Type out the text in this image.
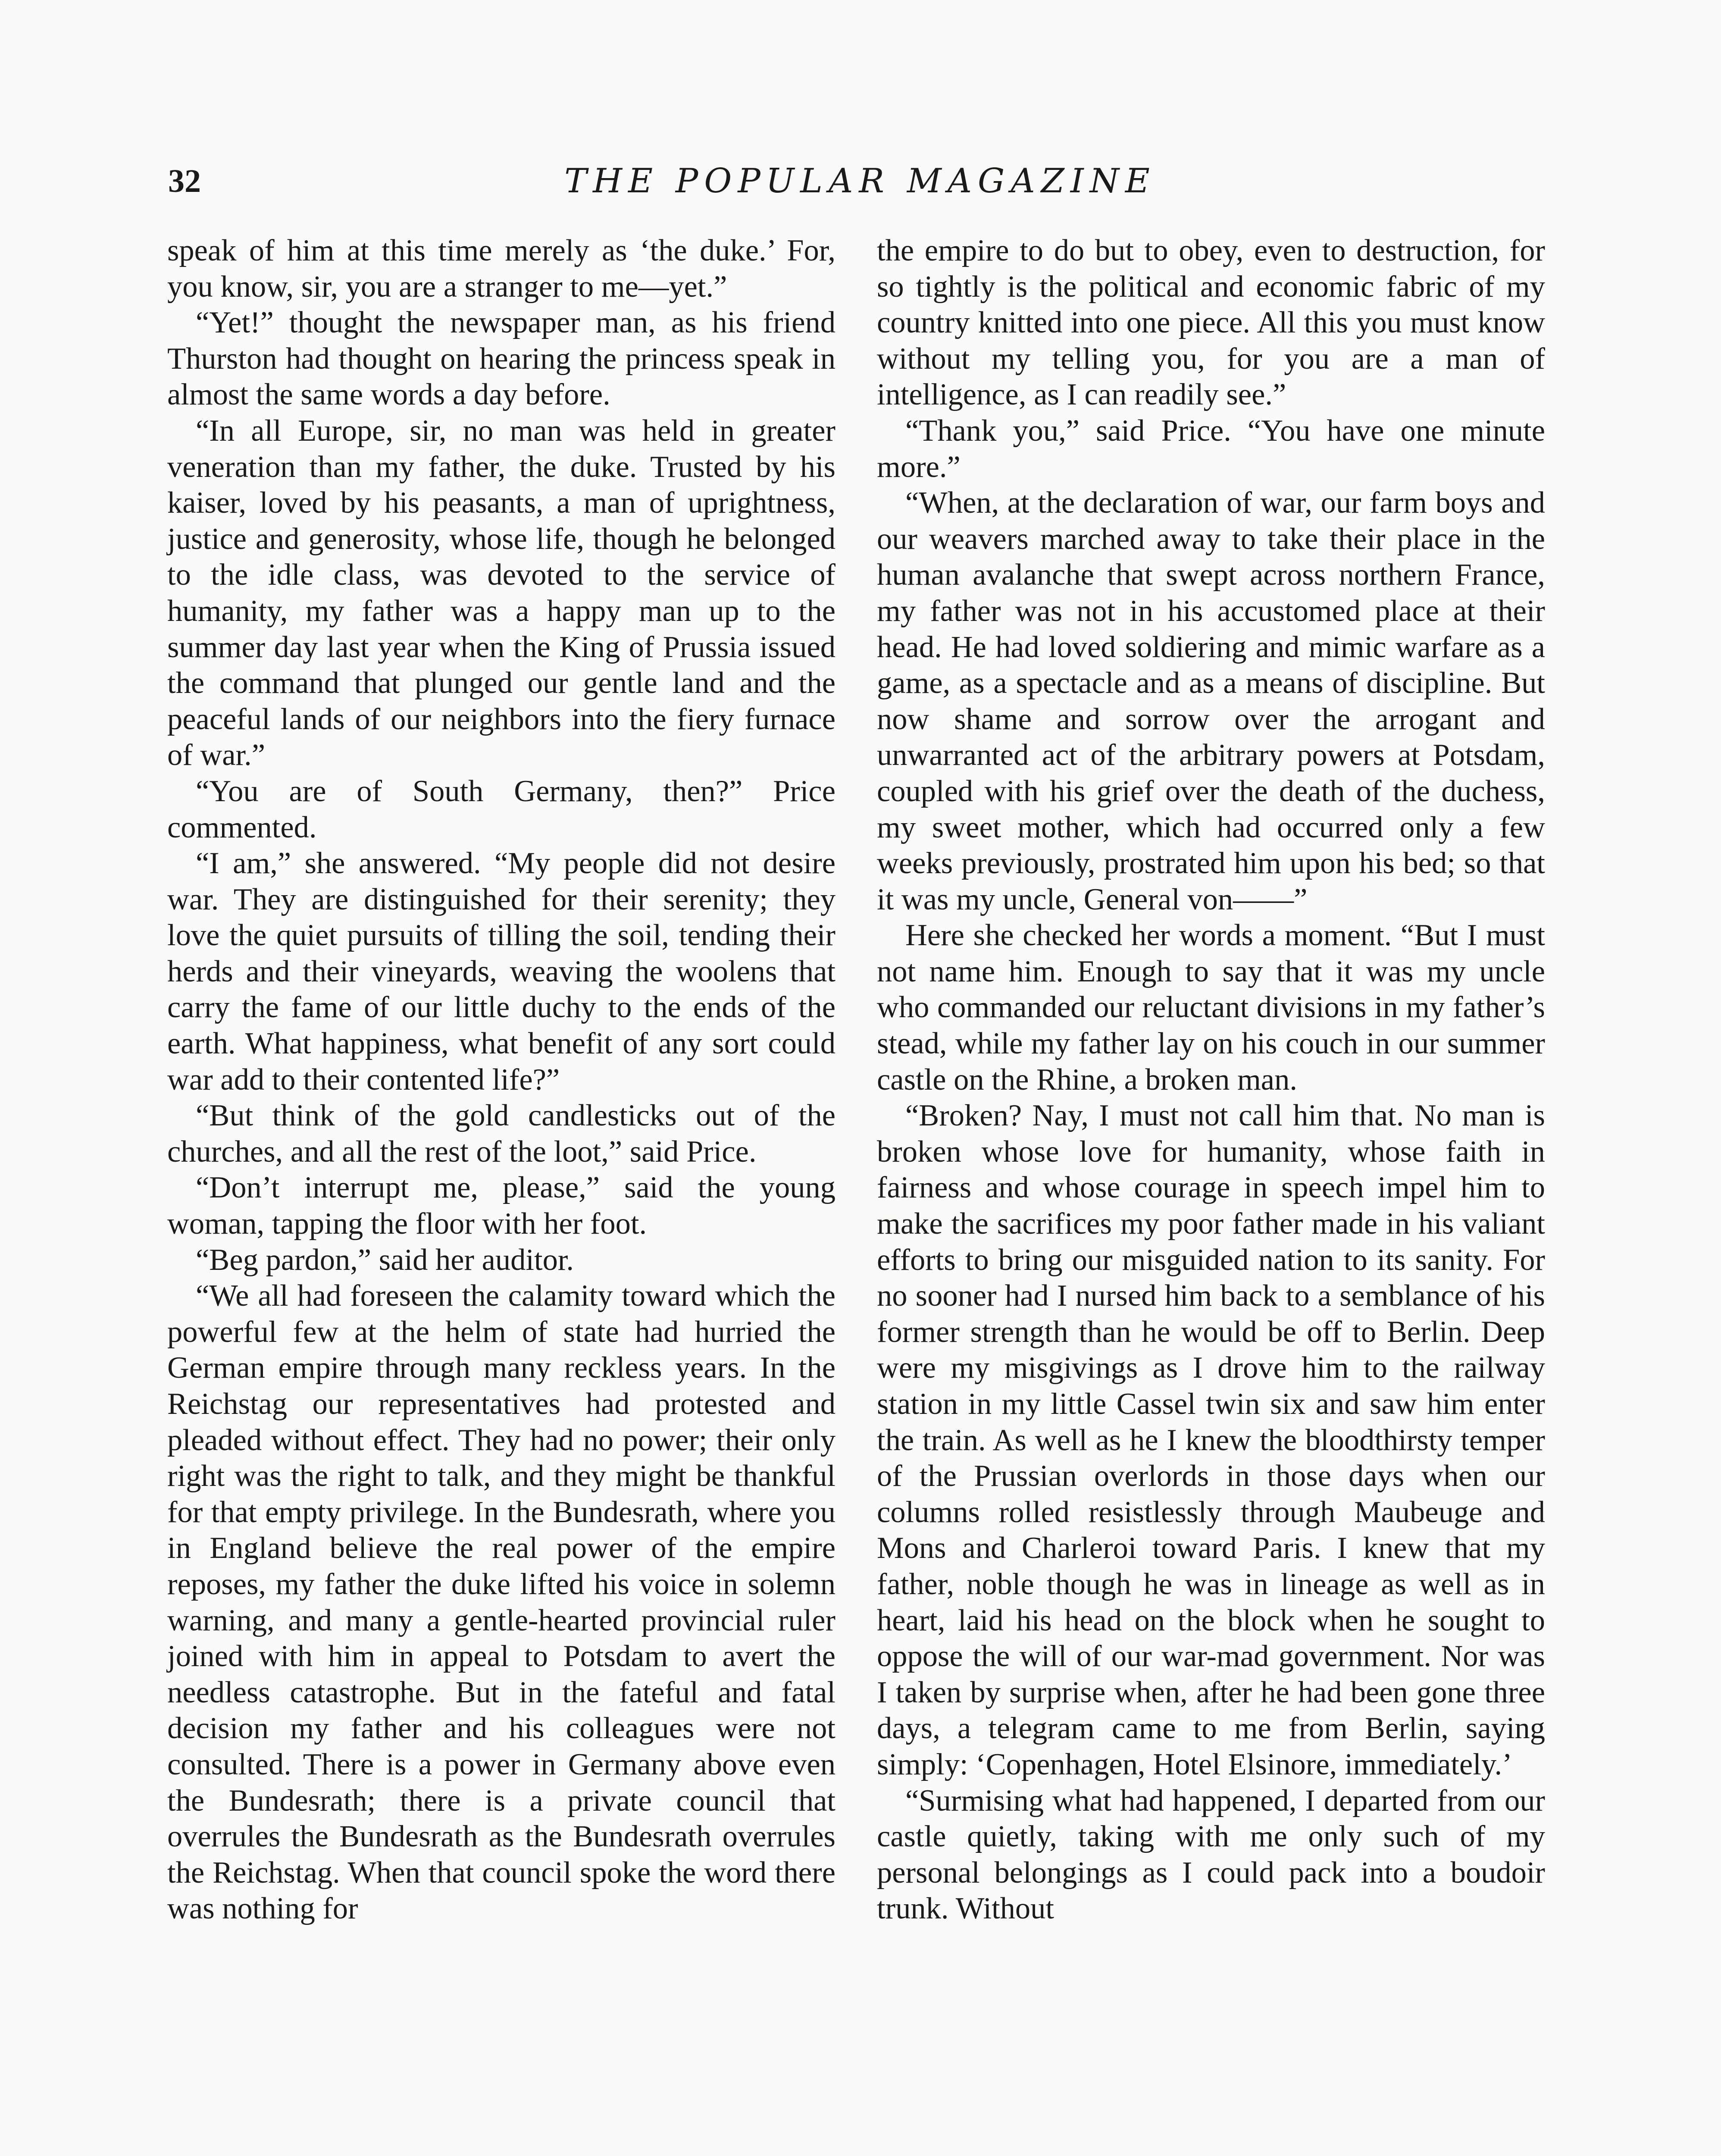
32	THE POPULAR MAGAZINE

speak of him at this time merely as ‘the duke.’ For, you know, sir, you are a stranger to me—yet.”

“Yet!” thought the newspaper man, as his friend Thurston had thought on hearing the princess speak in almost the same words a day before.

“In all Europe, sir, no man was held in greater veneration than my father, the duke. Trusted by his kaiser, loved by his peasants, a man of uprightness, justice and generosity, whose life, though he belonged to the idle class, was devoted to the service of humanity, my father was a happy man up to the summer day last year when the King of Prussia issued the command that plunged our gentle land and the peaceful lands of our neighbors into the fiery furnace of war.”

“You are of South Germany, then?” Price commented.

“I am,” she answered. “My people did not desire war. They are distinguished for their serenity; they love the quiet pursuits of tilling the soil, tending their herds and their vineyards, weaving the woolens that carry the fame of our little duchy to the ends of the earth. What happiness, what benefit of any sort could war add to their contented life?”

“But think of the gold candlesticks out of the churches, and all the rest of the loot,” said Price.

“Don’t interrupt me, please,” said the young woman, tapping the floor with her foot.

“Beg pardon,” said her auditor.

“We all had foreseen the calamity toward which the powerful few at the helm of state had hurried the German empire through many reckless years. In the Reichstag our representatives had protested and pleaded without effect. They had no power; their only right was the right to talk, and they might be thankful for that empty privilege. In the Bundesrath, where you in England believe the real power of the empire reposes, my father the duke lifted his voice in solemn warning, and many a gentle-hearted provincial ruler joined with him in appeal to Potsdam to avert the needless catastrophe. But in the fateful and fatal decision my father and his colleagues were not consulted. There is a power in Germany above even the Bundesrath; there is a private council that overrules the Bundesrath as the Bundesrath overrules the Reichstag. When that council spoke the word there was nothing for

the empire to do but to obey, even to destruction, for so tightly is the political and economic fabric of my country knitted into one piece. All this you must know without my telling you, for you are a man of intelligence, as I can readily see.”

“Thank you,” said Price. “You have one minute more.”

“When, at the declaration of war, our farm boys and our weavers marched away to take their place in the human avalanche that swept across northern France, my father was not in his accustomed place at their head. He had loved soldiering and mimic warfare as a game, as a spectacle and as a means of discipline. But now shame and sorrow over the arrogant and unwarranted act of the arbitrary powers at Potsdam, coupled with his grief over the death of the duchess, my sweet mother, which had occurred only a few weeks previously, prostrated him upon his bed; so that it was my uncle, General von——”

Here she checked her words a moment. “But I must not name him. Enough to say that it was my uncle who commanded our reluctant divisions in my father’s stead, while my father lay on his couch in our summer castle on the Rhine, a broken man.

“Broken? Nay, I must not call him that. No man is broken whose love for humanity, whose faith in fairness and whose courage in speech impel him to make the sacrifices my poor father made in his valiant efforts to bring our misguided nation to its sanity. For no sooner had I nursed him back to a semblance of his former strength than he would be off to Berlin. Deep were my misgivings as I drove him to the railway station in my little Cassel twin six and saw him enter the train. As well as he I knew the bloodthirsty temper of the Prussian overlords in those days when our columns rolled resistlessly through Maubeuge and Mons and Charleroi toward Paris. I knew that my father, noble though he was in lineage as well as in heart, laid his head on the block when he sought to oppose the will of our war-mad government. Nor was I taken by surprise when, after he had been gone three days, a telegram came to me from Berlin, saying simply: ‘Copenhagen, Hotel Elsinore, immediately.’

“Surmising what had happened, I departed from our castle quietly, taking with me only such of my personal belongings as I could pack into a boudoir trunk. Without
